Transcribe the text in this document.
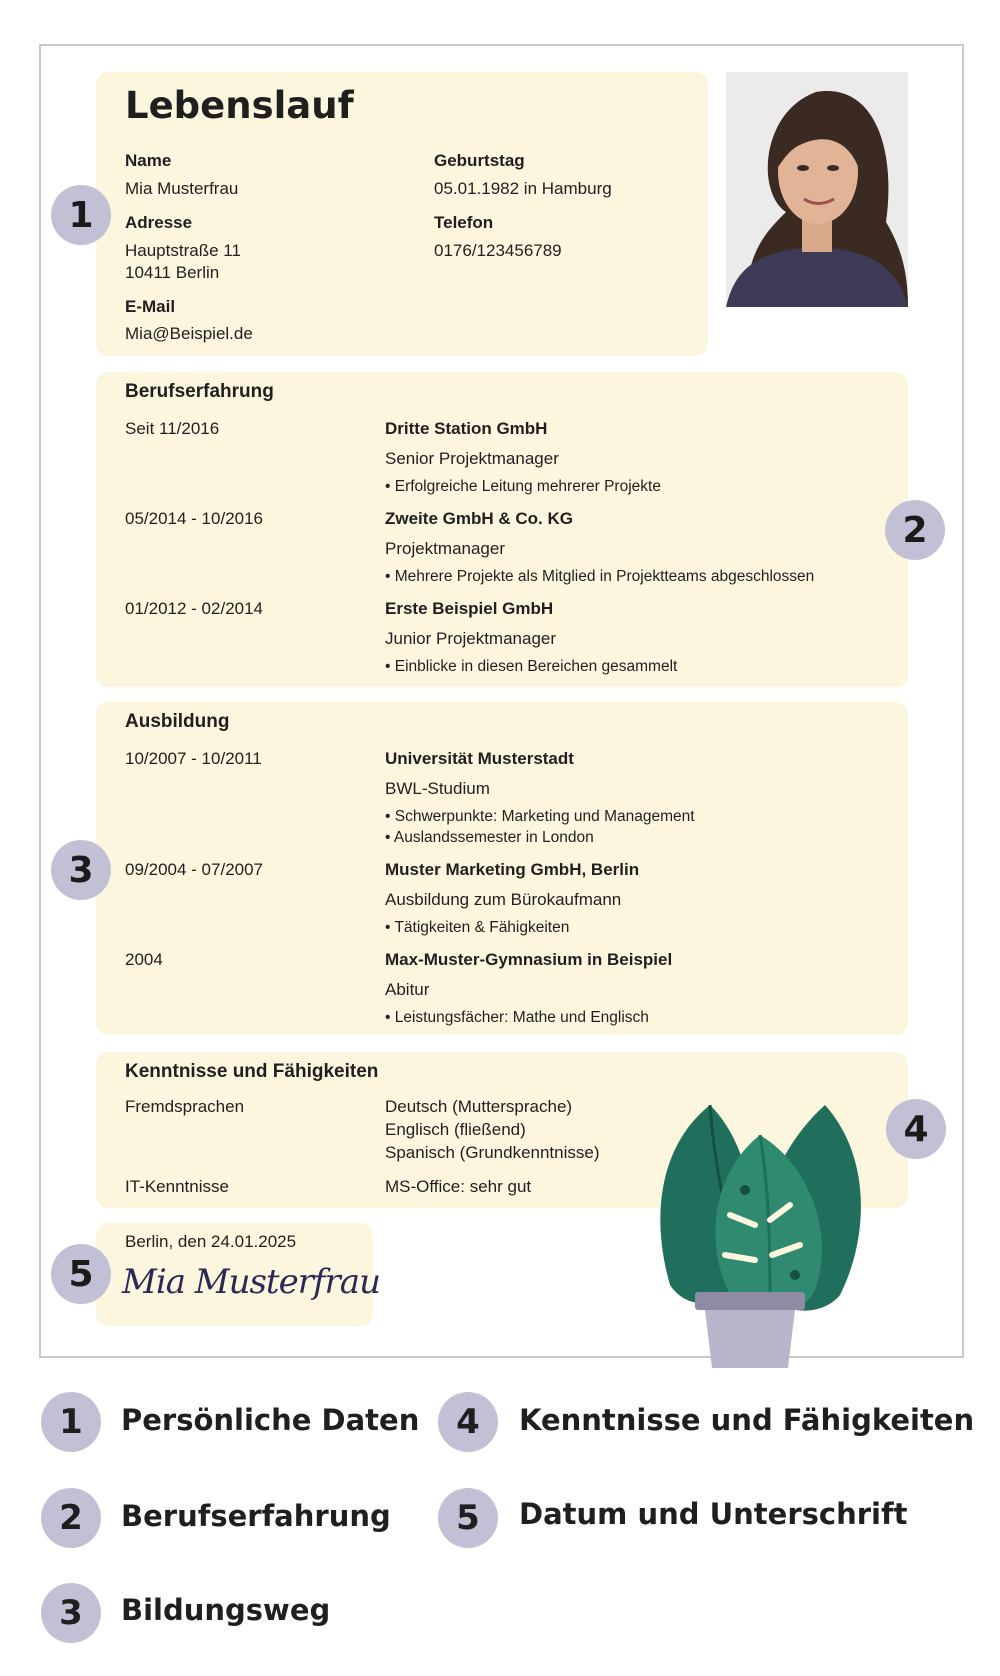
Lebenslauf
Name
Mia Musterfrau
Geburtstag
05.01.1982 in Hamburg
Adresse
Hauptstraße 11
10411 Berlin
Telefon
0176/123456789
E-Mail
Mia@Beispiel.de
Berufserfahrung
Seit 11/2016	Dritte Station GmbH
Senior Projektmanager
• Erfolgreiche Leitung mehrerer Projekte
05/2014 - 10/2016	Zweite GmbH & Co. KG
Projektmanager
• Mehrere Projekte als Mitglied in Projektteams abgeschlossen
01/2012 - 02/2014	Erste Beispiel GmbH
Junior Projektmanager
• Einblicke in diesen Bereichen gesammelt
Ausbildung
10/2007 - 10/2011	Universität Musterstadt
BWL-Studium
• Schwerpunkte: Marketing und Management
• Auslandssemester in London
09/2004 - 07/2007	Muster Marketing GmbH, Berlin
Ausbildung zum Bürokaufmann
• Tätigkeiten & Fähigkeiten
2004	Max-Muster-Gymnasium in Beispiel
Abitur
• Leistungsfächer: Mathe und Englisch
Kenntnisse und Fähigkeiten
Fremdsprachen	Deutsch (Muttersprache)
Englisch (fließend)
Spanisch (Grundkenntnisse)
IT-Kenntnisse	MS-Office: sehr gut
Berlin, den 24.01.2025
Mia Musterfrau
1
2
3
4
5
1	Persönliche Daten
2	Berufserfahrung
3	Bildungsweg
4	Kenntnisse und Fähigkeiten
5	Datum und Unterschrift
